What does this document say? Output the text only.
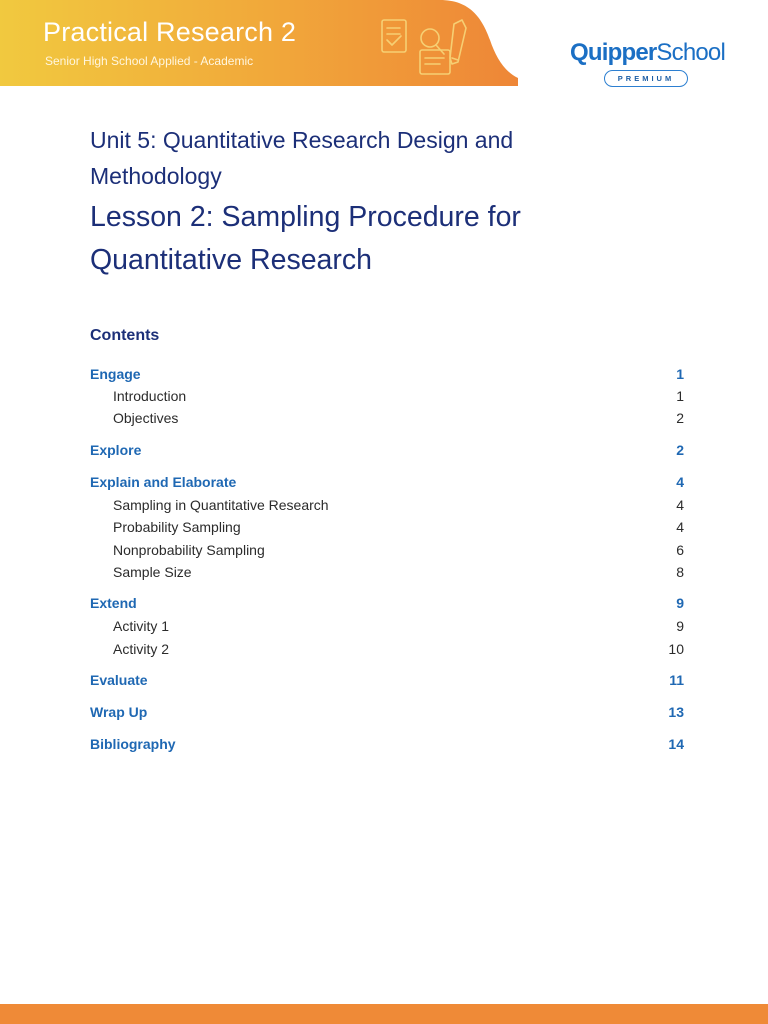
Practical Research 2
Senior High School Applied - Academic	QuipperSchool
PREMIUM
Unit 5: Quantitative Research Design and Methodology
Lesson 2: Sampling Procedure for Quantitative Research
Contents
Engage	1
Introduction	1
Objectives	2
Explore	2
Explain and Elaborate	4
Sampling in Quantitative Research	4
Probability Sampling	4
Nonprobability Sampling	6
Sample Size	8
Extend	9
Activity 1	9
Activity 2	10
Evaluate	11
Wrap Up	13
Bibliography	14
